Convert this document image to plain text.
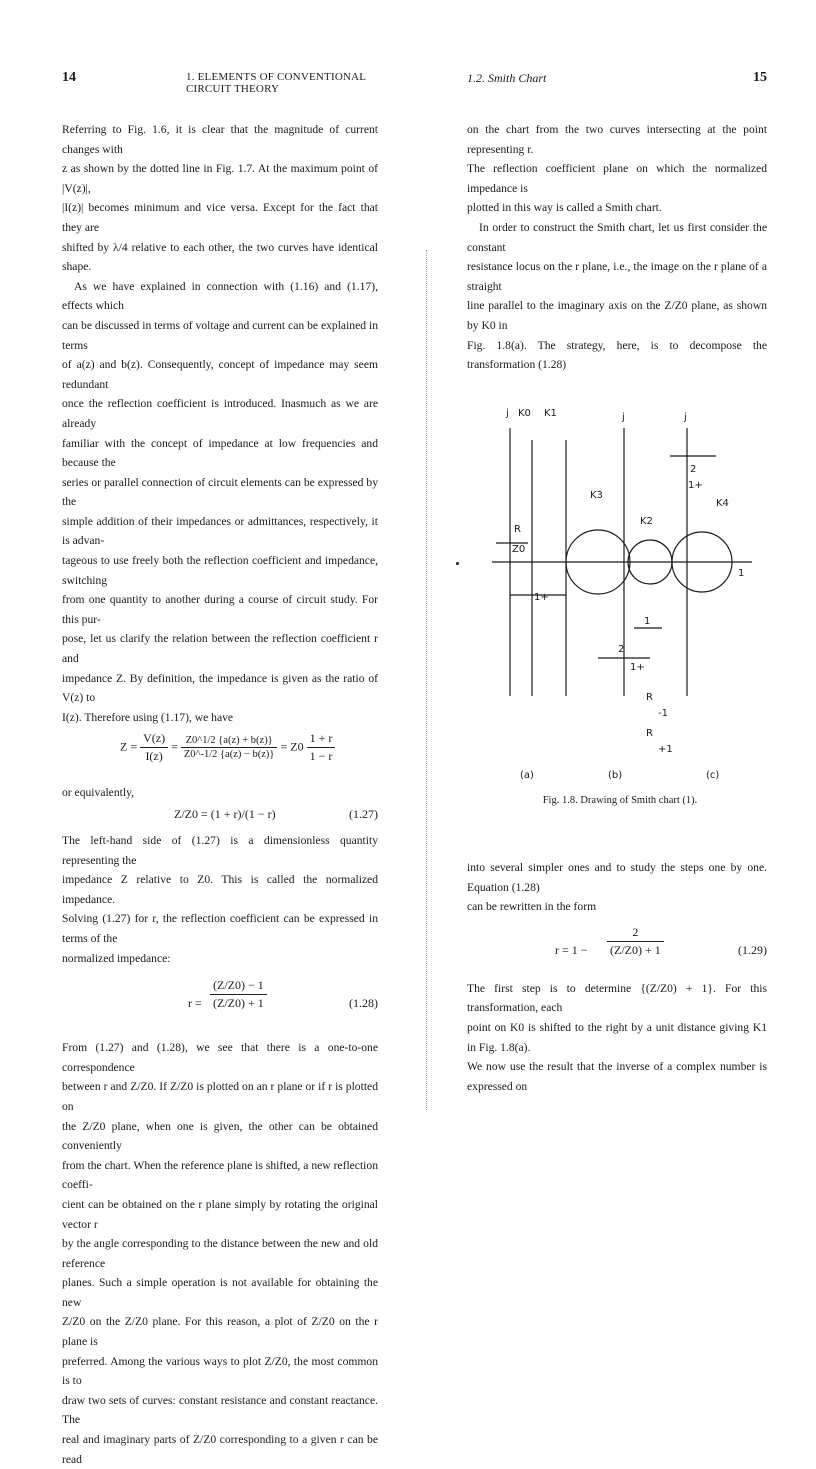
14	1. ELEMENTS OF CONVENTIONAL CIRCUIT THEORY

Referring to Fig. 1.6, it is clear that the magnitude of current changes with

z as shown by the dotted line in Fig. 1.7. At the maximum point of |V(z)|,

|I(z)| becomes minimum and vice versa. Except for the fact that they are

shifted by λ/4 relative to each other, the two curves have identical shape.

As we have explained in connection with (1.16) and (1.17), effects which

can be discussed in terms of voltage and current can be explained in terms

of a(z) and b(z). Consequently, concept of impedance may seem redundant

once the reflection coefficient is introduced. Inasmuch as we are already

familiar with the concept of impedance at low frequencies and because the

series or parallel connection of circuit elements can be expressed by the

simple addition of their impedances or admittances, respectively, it is advan-

tageous to use freely both the reflection coefficient and impedance, switching

from one quantity to another during a course of circuit study. For this pur-

pose, let us clarify the relation between the reflection coefficient r and

impedance Z. By definition, the impedance is given as the ratio of V(z) to

I(z). Therefore using (1.17), we have

$Z = \frac{V(z)}{I(z)} = \frac{Z0\^{}1/2 \{a(z) + b(z)\}}{Z0\^{}-1/2 \{a(z) - b(z)\}} = Z0 \frac{1 + r}{1 - r}$

or equivalently,

Z/Z0 = (1 + r)/(1 − r)	(1.27)

The left-hand side of (1.27) is a dimensionless quantity representing the

impedance Z relative to Z0. This is called the normalized impedance.

Solving (1.27) for r, the reflection coefficient can be expressed in terms of the

normalized impedance:

$r = \frac{(Z/Z0) - 1}{(Z/Z0) + 1}$	(1.28)

From (1.27) and (1.28), we see that there is a one-to-one correspondence

between r and Z/Z0. If Z/Z0 is plotted on an r plane or if r is plotted on

the Z/Z0 plane, when one is given, the other can be obtained conveniently

from the chart. When the reference plane is shifted, a new reflection coeffi-

cient can be obtained on the r plane simply by rotating the original vector r

by the angle corresponding to the distance between the new and old reference

planes. Such a simple operation is not available for obtaining the new

Z/Z0 on the Z/Z0 plane. For this reason, a plot of Z/Z0 on the r plane is

preferred. Among the various ways to plot Z/Z0, the most common is to

draw two sets of curves: constant resistance and constant reactance. The

real and imaginary parts of Z/Z0 corresponding to a given r can be read

1.2. Smith Chart	15

on the chart from the two curves intersecting at the point representing r.

The reflection coefficient plane on which the normalized impedance is

plotted in this way is called a Smith chart.

In order to construct the Smith chart, let us first consider the constant

resistance locus on the r plane, i.e., the image on the r plane of a straight

line parallel to the imaginary axis on the Z/Z0 plane, as shown by K0 in

Fig. 1.8(a). The strategy, here, is to decompose the transformation (1.28)

j K0 K1	j	j
K3
K2
K4
1
R
Z0
1+
2
1+
1
2
1+
R
-1
R
+1
(a)	(b)	(c)
Fig. 1.8. Drawing of Smith chart (1).

into several simpler ones and to study the steps one by one. Equation (1.28)

can be rewritten in the form

$r = 1 - \frac{2}{(Z/Z0) + 1}$	(1.29)

The first step is to determine {(Z/Z0) + 1}. For this transformation, each

point on K0 is shifted to the right by a unit distance giving K1 in Fig. 1.8(a).

We now use the result that the inverse of a complex number is expressed on
